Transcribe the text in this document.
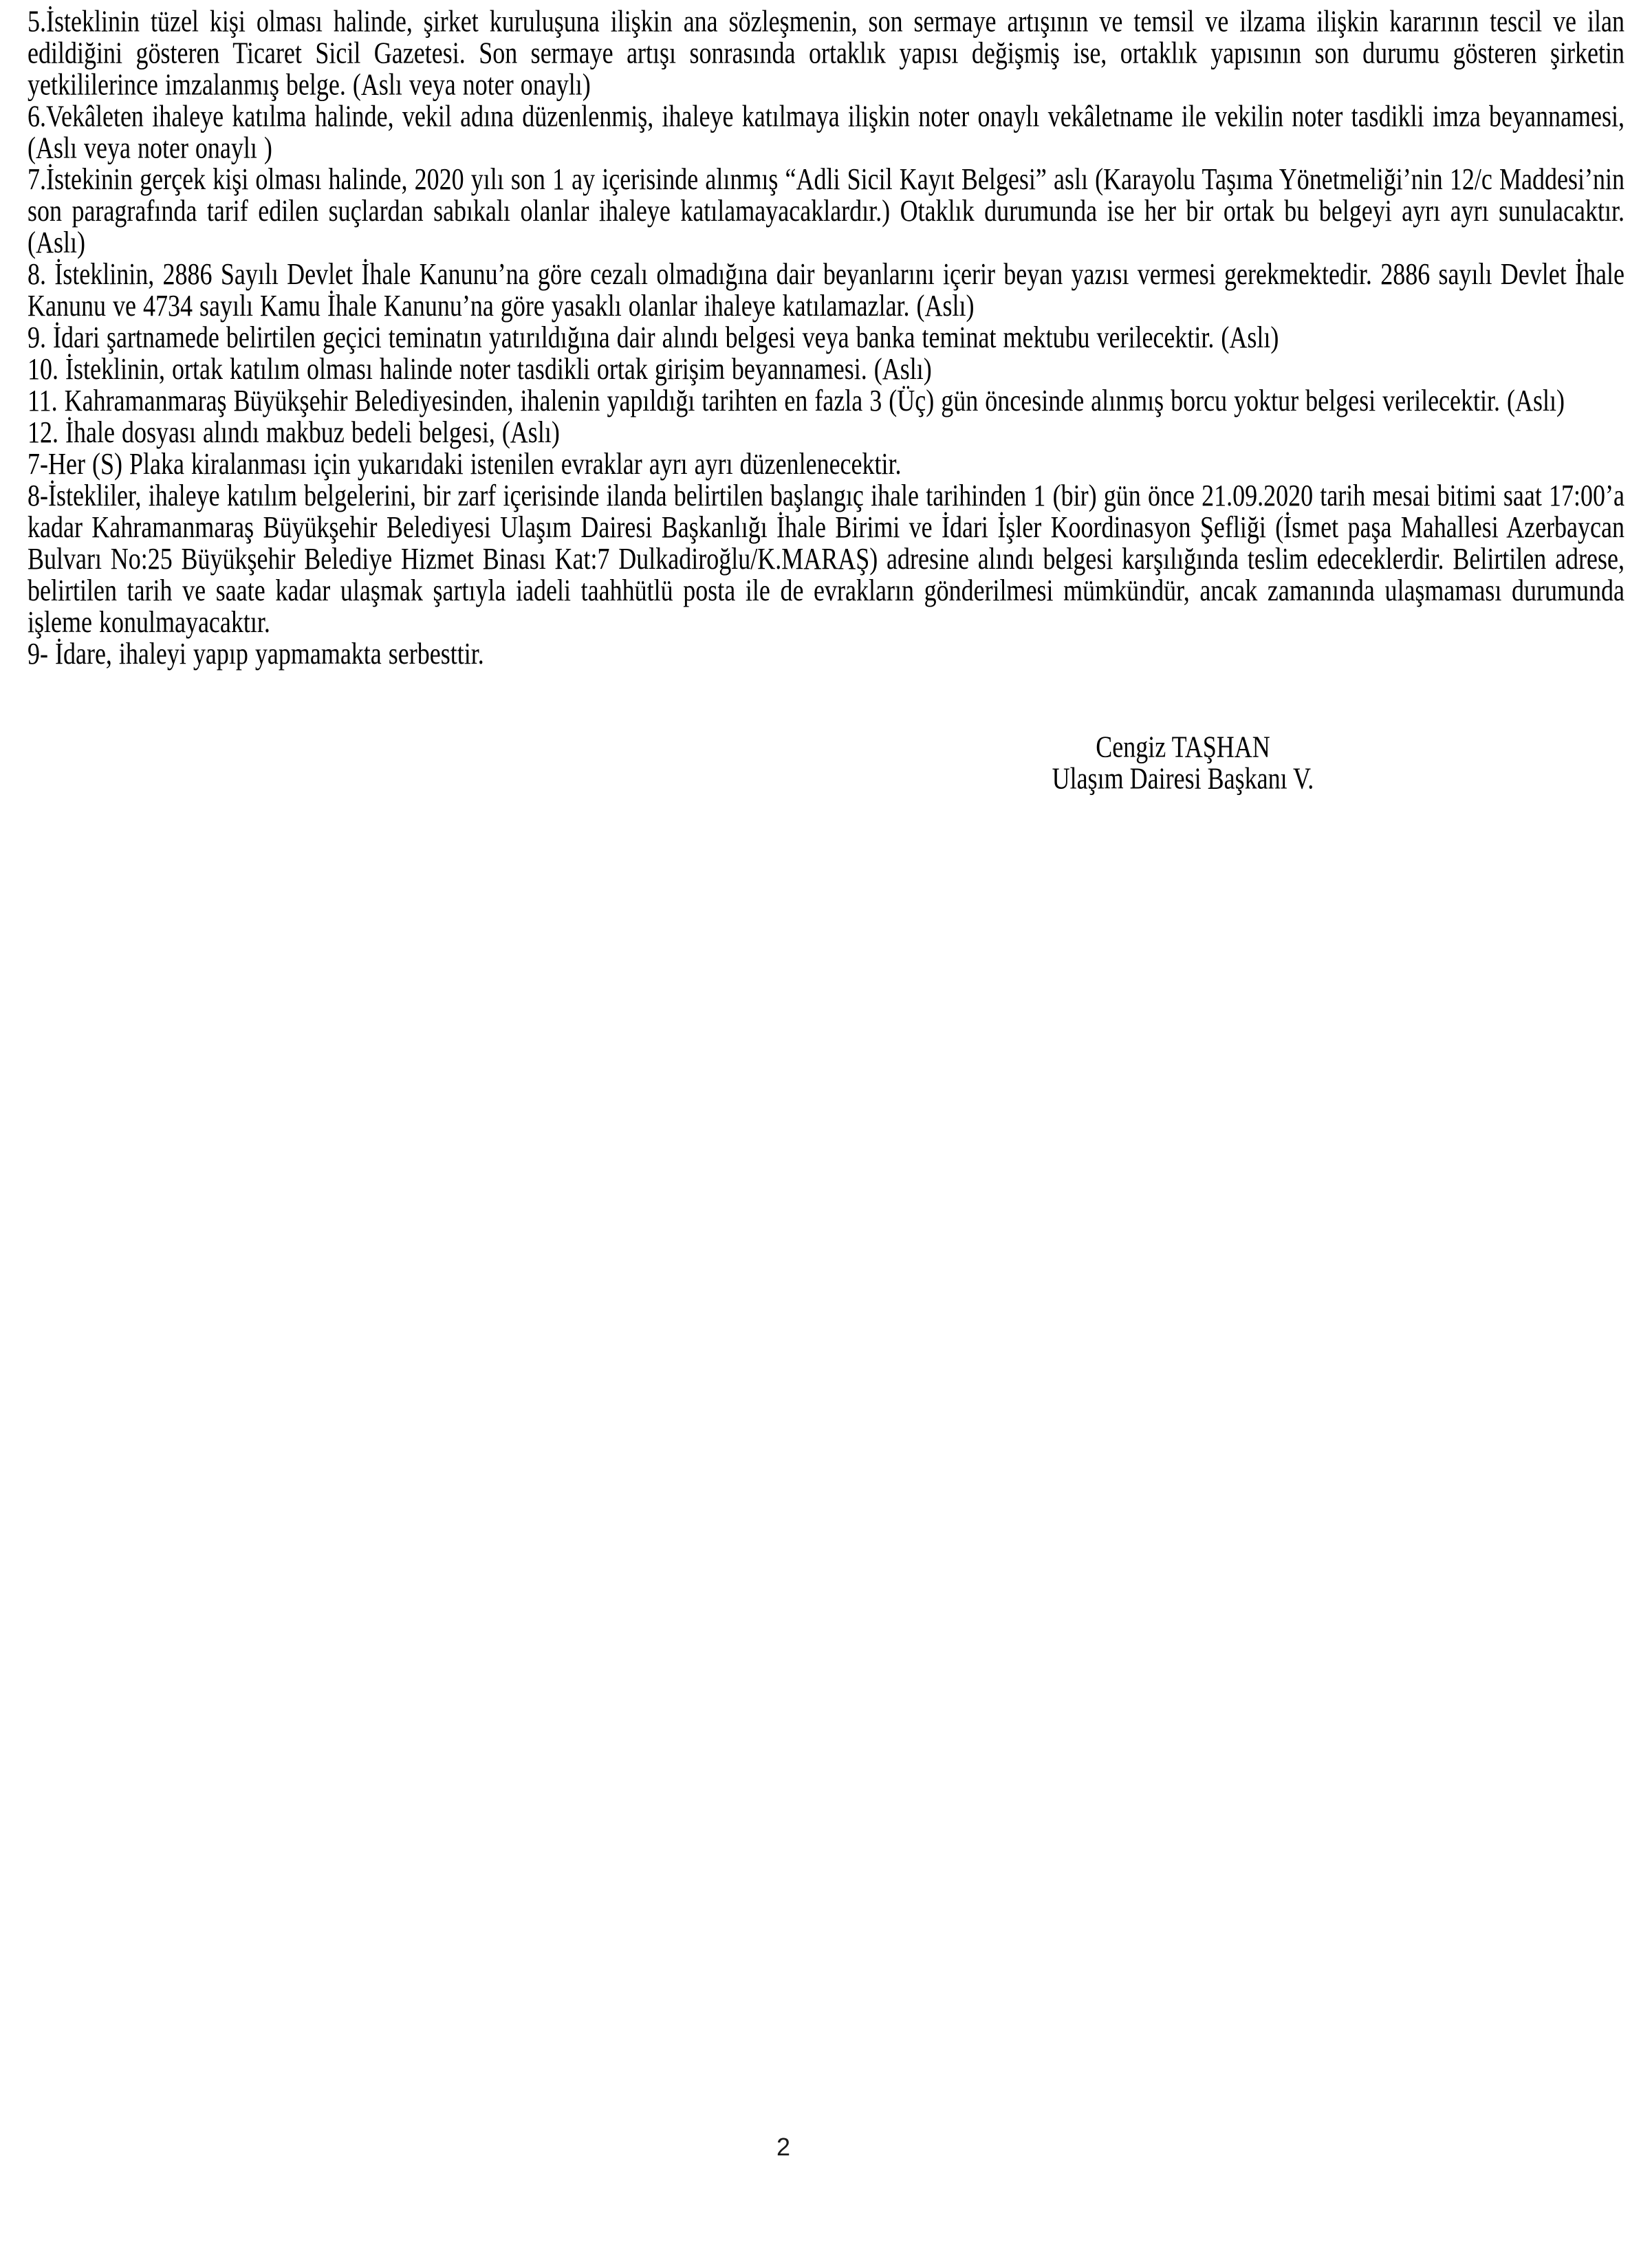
5.İsteklinin tüzel kişi olması halinde, şirket kuruluşuna ilişkin ana sözleşmenin, son sermaye artışının ve temsil ve ilzama ilişkin kararının tescil ve ilan edildiğini gösteren Ticaret Sicil Gazetesi. Son sermaye artışı sonrasında ortaklık yapısı değişmiş ise, ortaklık yapısının son durumu gösteren şirketin yetkililerince imzalanmış belge. (Aslı veya noter onaylı)
6.Vekâleten ihaleye katılma halinde, vekil adına düzenlenmiş, ihaleye katılmaya ilişkin noter onaylı vekâletname ile vekilin noter tasdikli imza beyannamesi, (Aslı veya noter onaylı )
7.İstekinin gerçek kişi olması halinde, 2020 yılı son 1 ay içerisinde alınmış “Adli Sicil Kayıt Belgesi” aslı (Karayolu Taşıma Yönetmeliği’nin 12/c Maddesi’nin son paragrafında tarif edilen suçlardan sabıkalı olanlar ihaleye katılamayacaklardır.) Otaklık durumunda ise her bir ortak bu belgeyi ayrı ayrı sunulacaktır. (Aslı)
8. İsteklinin, 2886 Sayılı Devlet İhale Kanunu’na göre cezalı olmadığına dair beyanlarını içerir beyan yazısı vermesi gerekmektedir. 2886 sayılı Devlet İhale Kanunu ve 4734 sayılı Kamu İhale Kanunu’na göre yasaklı olanlar ihaleye katılamazlar. (Aslı)
9. İdari şartnamede belirtilen geçici teminatın yatırıldığına dair alındı belgesi veya banka teminat mektubu verilecektir. (Aslı)
10. İsteklinin, ortak katılım olması halinde noter tasdikli ortak girişim beyannamesi. (Aslı)
11. Kahramanmaraş Büyükşehir Belediyesinden, ihalenin yapıldığı tarihten en fazla 3 (Üç) gün öncesinde alınmış borcu yoktur belgesi verilecektir. (Aslı)
12. İhale dosyası alındı makbuz bedeli belgesi, (Aslı)
7-Her (S) Plaka kiralanması için yukarıdaki istenilen evraklar ayrı ayrı düzenlenecektir.
8-İstekliler, ihaleye katılım belgelerini, bir zarf içerisinde ilanda belirtilen başlangıç ihale tarihinden 1 (bir) gün önce 21.09.2020 tarih mesai bitimi saat 17:00’a kadar Kahramanmaraş Büyükşehir Belediyesi Ulaşım Dairesi Başkanlığı İhale Birimi ve İdari İşler Koordinasyon Şefliği (İsmet paşa Mahallesi Azerbaycan Bulvarı No:25 Büyükşehir Belediye Hizmet Binası Kat:7 Dulkadiroğlu/K.MARAŞ) adresine alındı belgesi karşılığında teslim edeceklerdir. Belirtilen adrese, belirtilen tarih ve saate kadar ulaşmak şartıyla iadeli taahhütlü posta ile de evrakların gönderilmesi mümkündür, ancak zamanında ulaşmaması durumunda işleme konulmayacaktır.
9- İdare, ihaleyi yapıp yapmamakta serbesttir.
Cengiz TAŞHAN
Ulaşım Dairesi Başkanı V.
2
